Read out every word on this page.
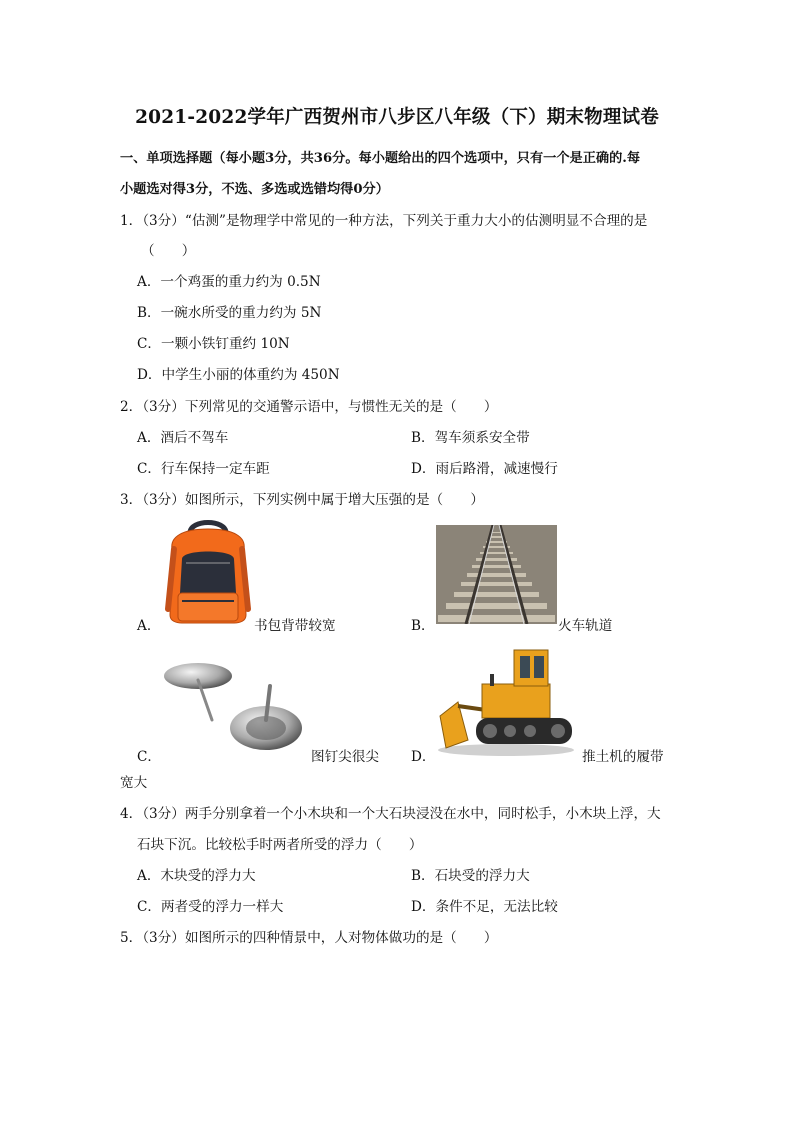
2021-2022学年广西贺州市八步区八年级（下）期末物理试卷
一、单项选择题（每小题3分，共36分。每小题给出的四个选项中，只有一个是正确的.每
小题选对得3分，不选、多选或选错均得0分）
1．（3分）“估测”是物理学中常见的一种方法，下列关于重力大小的估测明显不合理的是
（　　）
A．一个鸡蛋的重力约为 0.5N
B．一碗水所受的重力约为 5N
C．一颗小铁钉重约 10N
D．中学生小丽的体重约为 450N
2．（3分）下列常见的交通警示语中，与惯性无关的是（　　）
A．酒后不驾车	B．驾车须系安全带
C．行车保持一定车距	D．雨后路滑，减速慢行
3．（3分）如图所示，下列实例中属于增大压强的是（　　）
A．	书包背带较宽	B．	火车轨道
C．	图钉尖很尖 D．	推土机的履带
宽大
4．（3分）两手分别拿着一个小木块和一个大石块浸没在水中，同时松手，小木块上浮，大
石块下沉。比较松手时两者所受的浮力（　　）
A．木块受的浮力大	B．石块受的浮力大
C．两者受的浮力一样大	D．条件不足，无法比较
5．（3分）如图所示的四种情景中，人对物体做功的是（　　）
